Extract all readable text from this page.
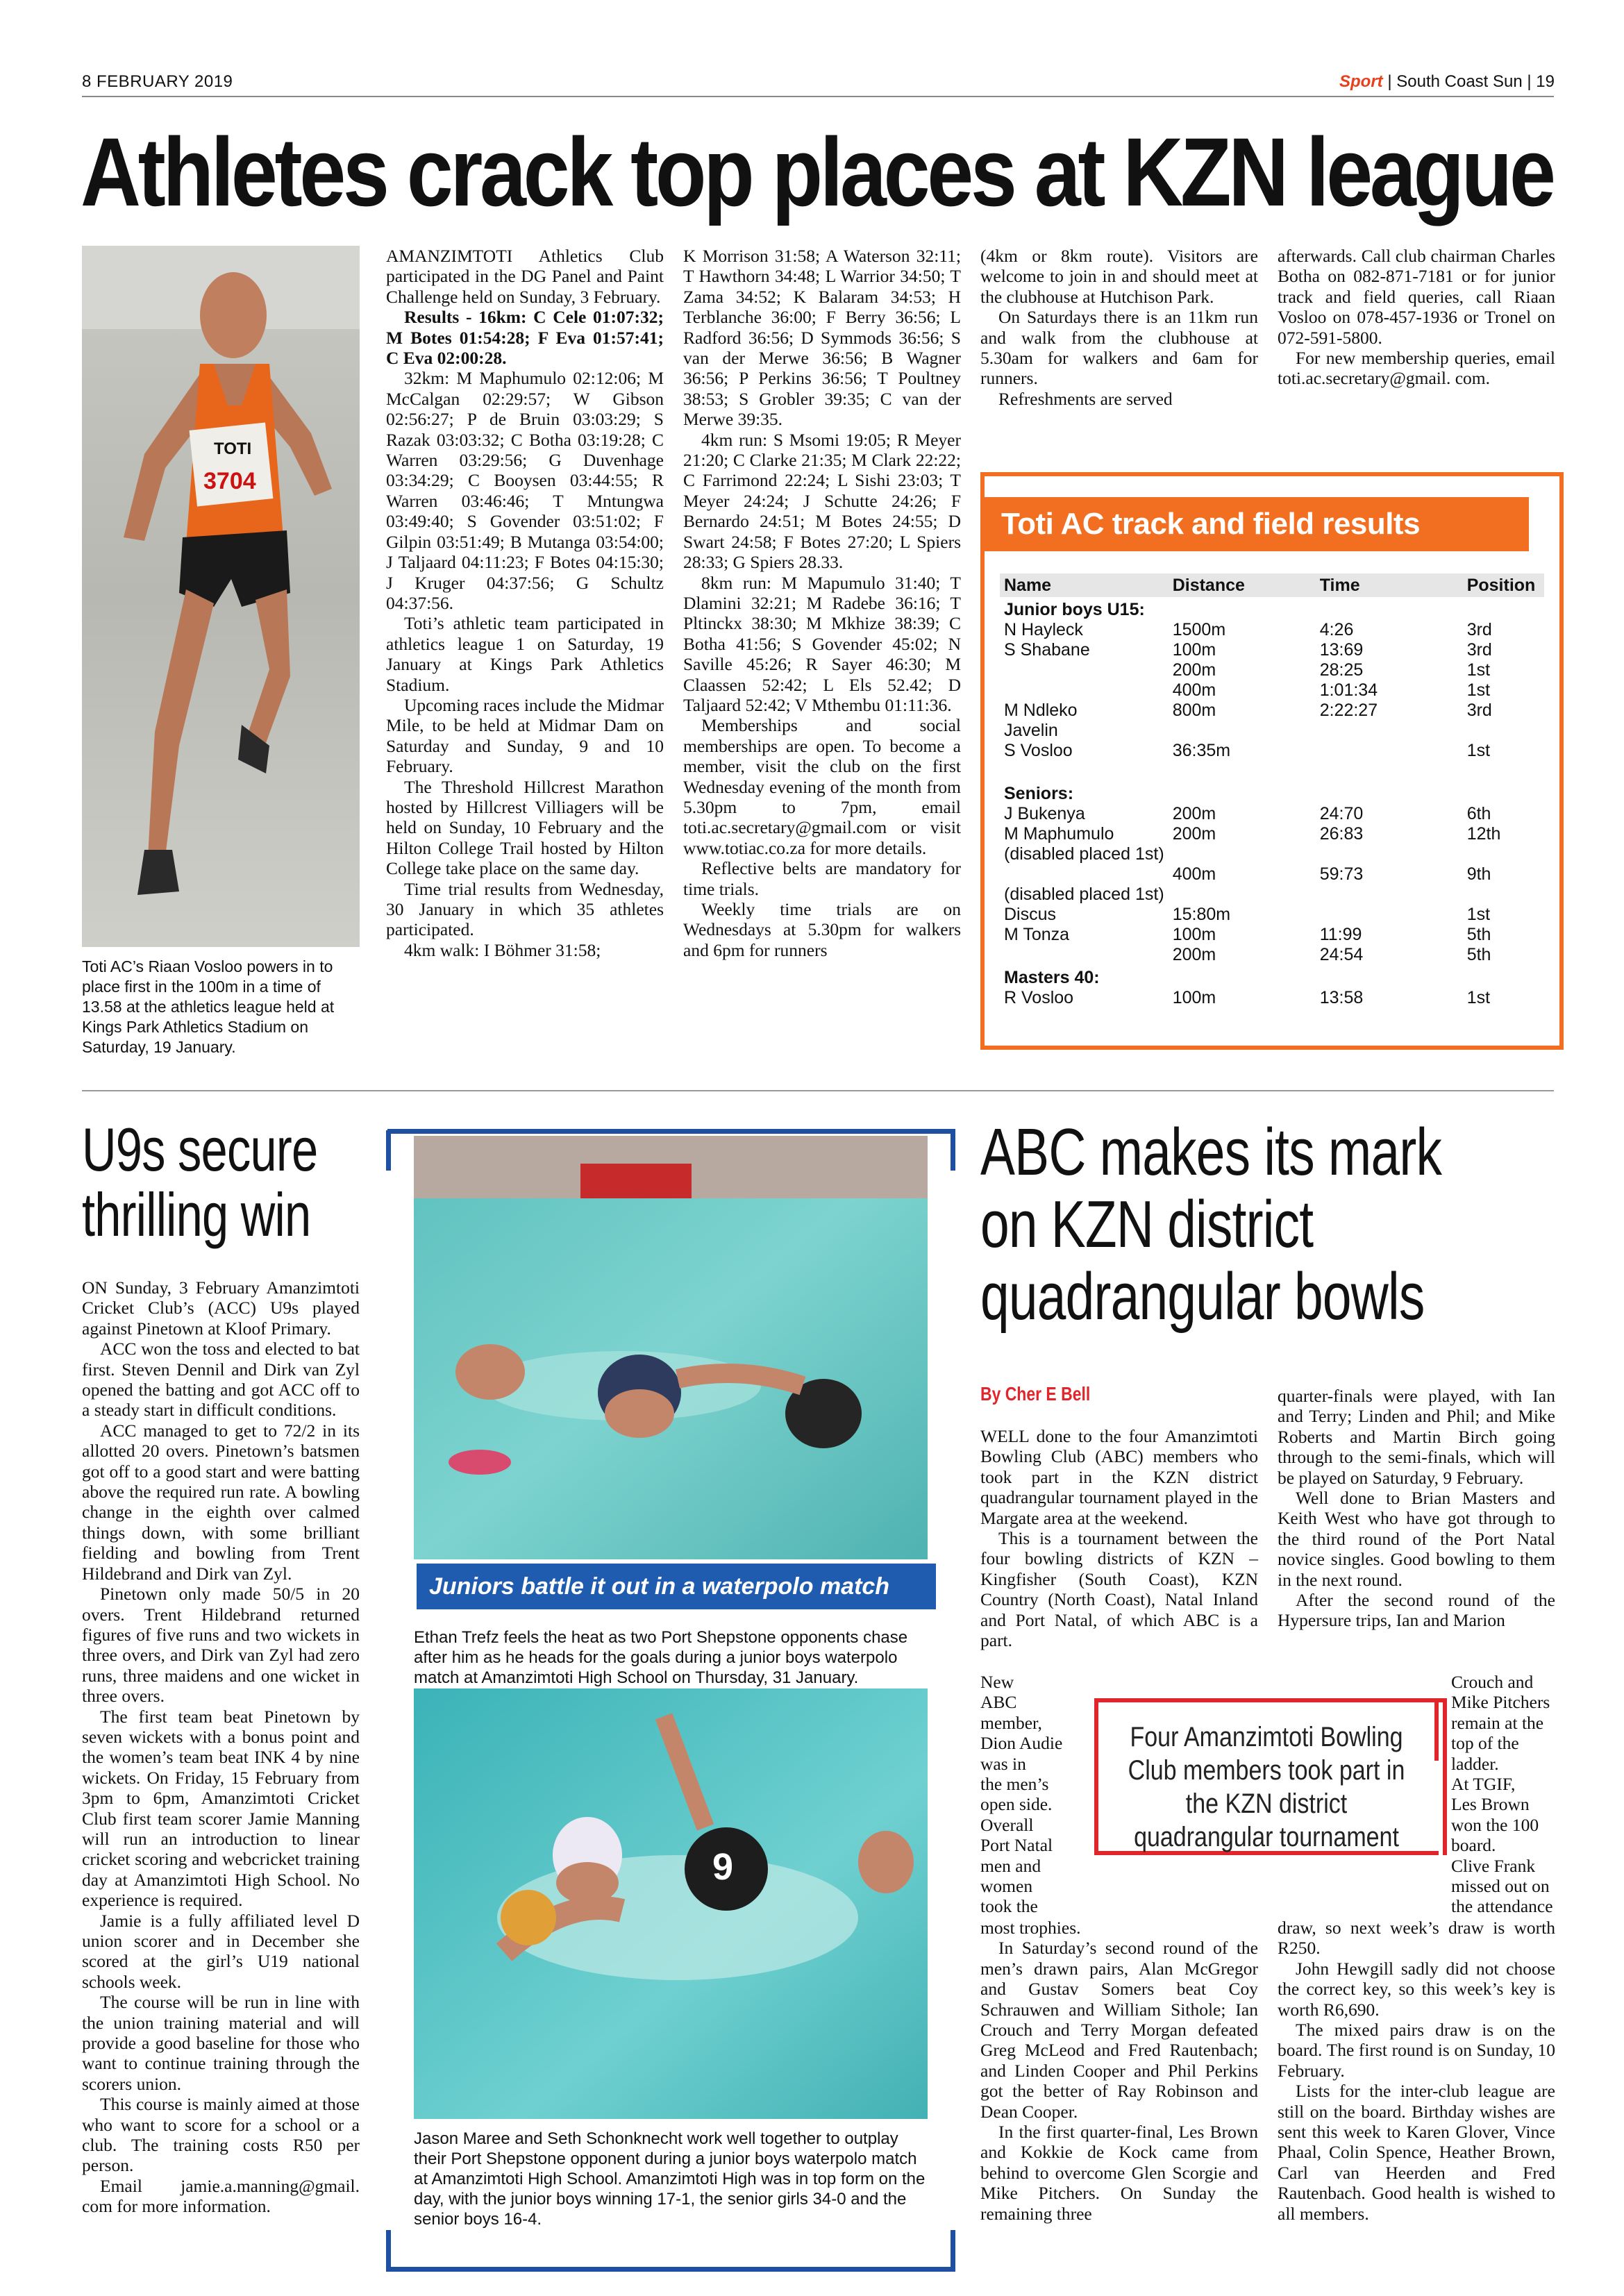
8 FEBRUARY 2019	Sport | South Coast Sun | 19
Athletes crack top places at KZN league
TOTI
3704
Toti AC’s Riaan Vosloo powers in to place first in the 100m in a time of 13.58 at the athletics league held at Kings Park Athletics Stadium on Saturday, 19 January.

AMANZIMTOTI Athletics Club participated in the DG Panel and Paint Challenge held on Sunday, 3 February.

Results - 16km: C Cele 01:07:32; M Botes 01:54:28; F Eva 01:57:41; C Eva 02:00:28.

32km: M Maphumulo 02:12:06; M McCalgan 02:29:57; W Gibson 02:56:27; P de Bruin 03:03:29; S Razak 03:03:32; C Botha 03:19:28; C Warren 03:29:56; G Duvenhage 03:34:29; C Booysen 03:44:55; R Warren 03:46:46; T Mntungwa 03:49:40; S Govender 03:51:02; F Gilpin 03:51:49; B Mutanga 03:54:00; J Taljaard 04:11:23; F Botes 04:15:30; J Kruger 04:37:56; G Schultz 04:37:56.

Toti’s athletic team participated in athletics league 1 on Saturday, 19 January at Kings Park Athletics Stadium.

Upcoming races include the Midmar Mile, to be held at Midmar Dam on Saturday and Sunday, 9 and 10 February.

The Threshold Hillcrest Marathon hosted by Hillcrest Villiagers will be held on Sunday, 10 February and the Hilton College Trail hosted by Hilton College take place on the same day.

Time trial results from Wednesday, 30 January in which 35 athletes participated.

4km walk: I Böhmer 31:58;

K Morrison 31:58; A Waterson 32:11; T Hawthorn 34:48; L Warrior 34:50; T Zama 34:52; K Balaram 34:53; H Terblanche 36:00; F Berry 36:56; L Radford 36:56; D Symmods 36:56; S van der Merwe 36:56; B Wagner 36:56; P Perkins 36:56; T Poultney 38:53; S Grobler 39:35; C van der Merwe 39:35.

4km run: S Msomi 19:05; R Meyer 21:20; C Clarke 21:35; M Clark 22:22; C Farrimond 22:24; L Sishi 23:03; T Meyer 24:24; J Schutte 24:26; F Bernardo 24:51; M Botes 24:55; D Swart 24:58; F Botes 27:20; L Spiers 28:33; G Spiers 28.33.

8km run: M Mapumulo 31:40; T Dlamini 32:21; M Radebe 36:16; T Pltinckx 38:30; M Mkhize 38:39; C Botha 41:56; S Govender 45:02; N Saville 45:26; R Sayer 46:30; M Claassen 52:42; L Els 52.42; D Taljaard 52:42; V Mthembu 01:11:36.

Memberships and social memberships are open. To become a member, visit the club on the first Wednesday evening of the month from 5.30pm to 7pm, email toti.ac.secretary@gmail.com or visit www.totiac.co.za for more details.

Reflective belts are mandatory for time trials.

Weekly time trials are on Wednesdays at 5.30pm for walkers and 6pm for runners

(4km or 8km route). Visitors are welcome to join in and should meet at the clubhouse at Hutchison Park.

On Saturdays there is an 11km run and walk from the clubhouse at 5.30am for walkers and 6am for runners.

Refreshments are served

afterwards. Call club chairman Charles Botha on 082-871-7181 or for junior track and field queries, call Riaan Vosloo on 078-457-1936 or Tronel on 072-591-5800.

For new membership queries, email toti.ac.secretary@gmail. com.

Toti AC track and field results
Name	Distance	Time	Position
Junior boys U15:			
N Hayleck	1500m	4:26	3rd
S Shabane	100m	13:69	3rd
	200m	28:25	1st
	400m	1:01:34	1st
M Ndleko	800m	2:22:27	3rd
Javelin			
S Vosloo	36:35m		1st

Seniors:			
J Bukenya	200m	24:70	6th
M Maphumulo	200m	26:83	12th
(disabled placed 1st)			
	400m	59:73	9th
(disabled placed 1st)			
Discus	15:80m		1st
M Tonza	100m	11:99	5th
	200m	24:54	5th
Masters 40:			
R Vosloo	100m	13:58	1st
U9s secure
thrilling win

ON Sunday, 3 February Amanzimtoti Cricket Club’s (ACC) U9s played against Pinetown at Kloof Primary.

ACC won the toss and elected to bat first. Steven Dennil and Dirk van Zyl opened the batting and got ACC off to a steady start in difficult conditions.

ACC managed to get to 72/2 in its allotted 20 overs. Pinetown’s batsmen got off to a good start and were batting above the required run rate. A bowling change in the eighth over calmed things down, with some brilliant fielding and bowling from Trent Hildebrand and Dirk van Zyl.

Pinetown only made 50/5 in 20 overs. Trent Hildebrand returned figures of five runs and two wickets in three overs, and Dirk van Zyl had zero runs, three maidens and one wicket in three overs.

The first team beat Pinetown by seven wickets with a bonus point and the women’s team beat INK 4 by nine wickets. On Friday, 15 February from 3pm to 6pm, Amanzimtoti Cricket Club first team scorer Jamie Manning will run an introduction to linear cricket scoring and webcricket training day at Amanzimtoti High School. No experience is required.

Jamie is a fully affiliated level D union scorer and in December she scored at the girl’s U19 national schools week.

The course will be run in line with the union training material and will provide a good baseline for those who want to continue training through the scorers union.

This course is mainly aimed at those who want to score for a school or a club. The training costs R50 per person.

Email jamie.a.manning@gmail. com for more information.

Juniors battle it out in a waterpolo match
Ethan Trefz feels the heat as two Port Shepstone opponents chase after him as he heads for the goals during a junior boys waterpolo match at Amanzimtoti High School on Thursday, 31 January.
9
Jason Maree and Seth Schonknecht work well together to outplay their Port Shepstone opponent during a junior boys waterpolo match at Amanzimtoti High School. Amanzimtoti High was in top form on the day, with the junior boys winning 17-1, the senior girls 34-0 and the senior boys 16-4.
ABC makes its mark
on KZN district
quadrangular bowls
By Cher E Bell

WELL done to the four Amanzimtoti Bowling Club (ABC) members who took part in the KZN district quadrangular tournament played in the Margate area at the weekend.

This is a tournament between the four bowling districts of KZN – Kingfisher (South Coast), KZN Country (North Coast), Natal Inland and Port Natal, of which ABC is a part.

New
ABC
member,
Dion Audie
was in
the men’s
open side.
Overall
Port Natal
men and
women
took the

most trophies.

In Saturday’s second round of the men’s drawn pairs, Alan McGregor and Gustav Somers beat Coy Schrauwen and William Sithole; Ian Crouch and Terry Morgan defeated Greg McLeod and Fred Rautenbach; and Linden Cooper and Phil Perkins got the better of Ray Robinson and Dean Cooper.

In the first quarter-final, Les Brown and Kokkie de Kock came from behind to overcome Glen Scorgie and Mike Pitchers. On Sunday the remaining three

quarter-finals were played, with Ian and Terry; Linden and Phil; and Mike Roberts and Martin Birch going through to the semi-finals, which will be played on Saturday, 9 February.

Well done to Brian Masters and Keith West who have got through to the third round of the Port Natal novice singles. Good bowling to them in the next round.

After the second round of the Hypersure trips, Ian and Marion

Crouch and
Mike Pitchers
remain at the
top of the
ladder.
At TGIF,
Les Brown
won the 100
board.
Clive Frank
missed out on
the attendance

draw, so next week’s draw is worth R250.

John Hewgill sadly did not choose the correct key, so this week’s key is worth R6,690.

The mixed pairs draw is on the board. The first round is on Sunday, 10 February.

Lists for the inter-club league are still on the board. Birthday wishes are sent this week to Karen Glover, Vince Phaal, Colin Spence, Heather Brown, Carl van Heerden and Fred Rautenbach. Good health is wished to all members.

Four Amanzimtoti Bowling Club members took part in the KZN district quadrangular tournament
